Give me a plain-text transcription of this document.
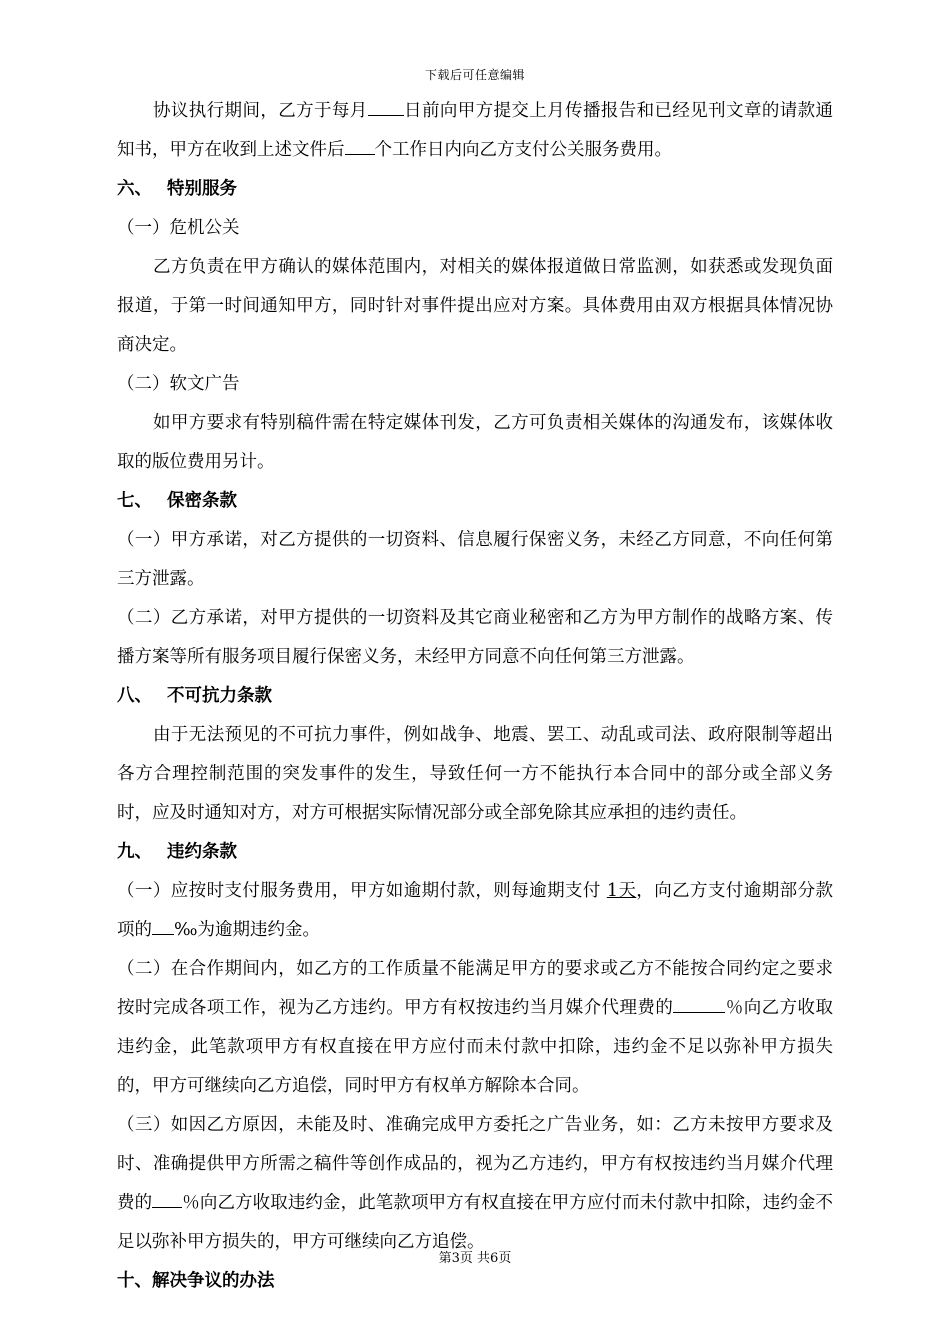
下载后可任意编辑

协议执行期间，乙方于每月 日前向甲方提交上月传播报告和已经见刊文章的请款通知书，甲方在收到上述文件后 个工作日内向乙方支付公关服务费用。

六、 特别服务

（一）危机公关

乙方负责在甲方确认的媒体范围内，对相关的媒体报道做日常监测，如获悉或发现负面报道，于第一时间通知甲方，同时针对事件提出应对方案。具体费用由双方根据具体情况协商决定。

（二）软文广告

如甲方要求有特别稿件需在特定媒体刊发，乙方可负责相关媒体的沟通发布，该媒体收取的版位费用另计。

七、 保密条款

（一）甲方承诺，对乙方提供的一切资料、信息履行保密义务，未经乙方同意，不向任何第三方泄露。

（二）乙方承诺，对甲方提供的一切资料及其它商业秘密和乙方为甲方制作的战略方案、传播方案等所有服务项目履行保密义务，未经甲方同意不向任何第三方泄露。

八、 不可抗力条款

由于无法预见的不可抗力事件，例如战争、地震、罢工、动乱或司法、政府限制等超出各方合理控制范围的突发事件的发生，导致任何一方不能执行本合同中的部分或全部义务时，应及时通知对方，对方可根据实际情况部分或全部免除其应承担的违约责任。

九、 违约条款

（一）应按时支付服务费用，甲方如逾期付款，则每逾期支付 1天，向乙方支付逾期部分款项的 ‰为逾期违约金。

（二）在合作期间内，如乙方的工作质量不能满足甲方的要求或乙方不能按合同约定之要求按时完成各项工作，视为乙方违约。甲方有权按违约当月媒介代理费的	％向乙方收取违约金，此笔款项甲方有权直接在甲方应付而未付款中扣除，违约金不足以弥补甲方损失的，甲方可继续向乙方追偿，同时甲方有权单方解除本合同。

（三）如因乙方原因，未能及时、准确完成甲方委托之广告业务，如：乙方未按甲方要求及时、准确提供甲方所需之稿件等创作成品的，视为乙方违约，甲方有权按违约当月媒介代理费的 ％向乙方收取违约金，此笔款项甲方有权直接在甲方应付而未付款中扣除，违约金不足以弥补甲方损失的，甲方可继续向乙方追偿。

十、解决争议的办法

第3页 共6页
